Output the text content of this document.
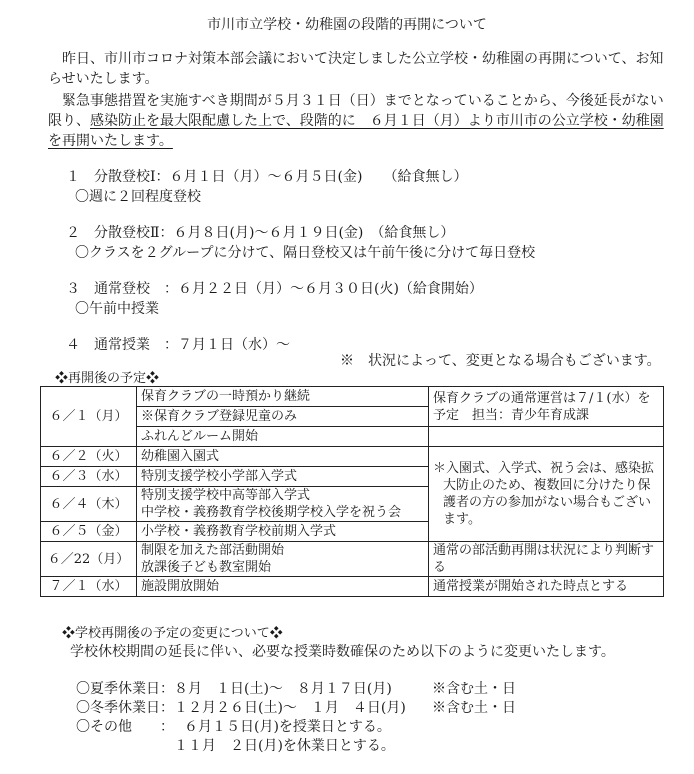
市川市立学校・幼稚園の段階的再開について
昨日、市川市コロナ対策本部会議において決定しました公立学校・幼稚園の再開について、お知
らせいたします。
緊急事態措置を実施すべき期間が５月３１日（日）までとなっていることから、今後延長がない
限り、感染防止を最大限配慮した上で、段階的に　６月１日（月）より市川市の公立学校・幼稚園
を再開いたします。
１ 分散登校Ⅰ：６月１日（月）～６月５日(金)　　（給食無し）
〇週に２回程度登校
２ 分散登校Ⅱ：６月８日(月)～６月１９日(金)　（給食無し）
〇クラスを２グループに分けて、隔日登校又は午前午後に分けて毎日登校
３ 通常登校　：６月２２日（月）～６月３０日(火)（給食開始）
〇午前中授業
４ 通常授業　：７月１日（水）～
※　状況によって、変更となる場合もございます。
❖再開後の予定❖
６／１（月）	保育クラブの一時預かり継続	保育クラブの通常運営は７/１(水）を
予定　担当：青少年育成課

	※保育クラブ登録児童のみ	
	ふれんどルーム開始	
６／２（火）	幼稚園入園式	＊入園式、入学式、祝う会は、感染拡大防止のため、複数回に分けたり保護者の方の参加がない場合もございます。

６／３（水）	特別支援学校小学部入学式	
６／４（木）	特別支援学校中高等部入学式
中学校・義務教育学校後期学校入学を祝う会	

６／５（金）	小学校・義務教育学校前期入学式	
６／22（月）	制限を加えた部活動開始
放課後子ども教室開始	通常の部活動再開は状況により判断する
７／１（水）	施設開放開始	通常授業が開始された時点とする
❖学校再開後の予定の変更について❖
学校休校期間の延長に伴い、必要な授業時数確保のため以下のように変更いたします。
〇夏季休業日： ８月　１日(土)～　８月１７日(月)	※含む土・日
〇冬季休業日： １２月２６日(土)～　１月　４日(月) ※含む土・日
〇その他 ： ６月１５日(月)を授業日とする。
１１月　２日(月)を休業日とする。
